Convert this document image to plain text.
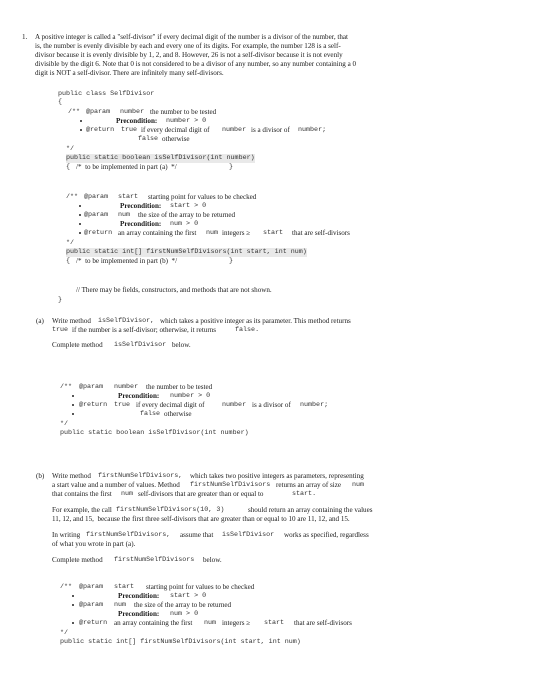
1. A positive integer is called a "self-divisor" if every decimal digit of the number is a divisor of the number, that
is, the number is evenly divisible by each and every one of its digits. For example, the number 128 is a self-
divisor because it is evenly divisible by 1, 2, and 8. However, 26 is not a self-divisor because it is not evenly
divisible by the digit 6. Note that 0 is not considered to be a divisor of any number, so any number containing a 0
digit is NOT a self-divisor. There are infinitely many self-divisors.
public class SelfDivisor
{
/** @param number the number to be tested
Precondition: number > 0
@return true if every decimal digit of number is a divisor of number;
false otherwise
*/
public static boolean isSelfDivisor(int number)
{ /*  to be implemented in part (a)  */	}
/** @param start starting point for values to be checked
Precondition: start > 0
@param num the size of the array to be returned
Precondition: num > 0
@return an array containing the first num integers ≥ start that are self-divisors
*/
public static int[] firstNumSelfDivisors(int start, int num)
{ /*  to be implemented in part (b)  */	}
// There may be fields, constructors, and methods that are not shown.
}
(a) Write method isSelfDivisor, which takes a positive integer as its parameter. This method returns
true if the number is a self-divisor; otherwise, it returns	false.
Complete method isSelfDivisor below.
/** @param number the number to be tested
Precondition: number > 0
@return true if every decimal digit of	number is a divisor of number;
false otherwise
*/
public static boolean isSelfDivisor(int number)
(b) Write method firstNumSelfDivisors, which takes two positive integers as parameters, representing
a start value and a number of values. Method firstNumSelfDivisors returns an array of size num
that contains the first num self-divisors that are greater than or equal to	start.
For example, the call firstNumSelfDivisors(10, 3)	should return an array containing the values
11, 12, and 15,  because the first three self-divisors that are greater than or equal to 10 are 11, 12, and 15.
In writing firstNumSelfDivisors, assume that isSelfDivisor works as specified, regardless
of what you wrote in part (a).
Complete method firstNumSelfDivisors below.
/** @param start starting point for values to be checked
Precondition: start > 0
@param num the size of the array to be returned
Precondition: num > 0
@return an array containing the first num integers ≥ start that are self-divisors
*/
public static int[] firstNumSelfDivisors(int start, int num)
